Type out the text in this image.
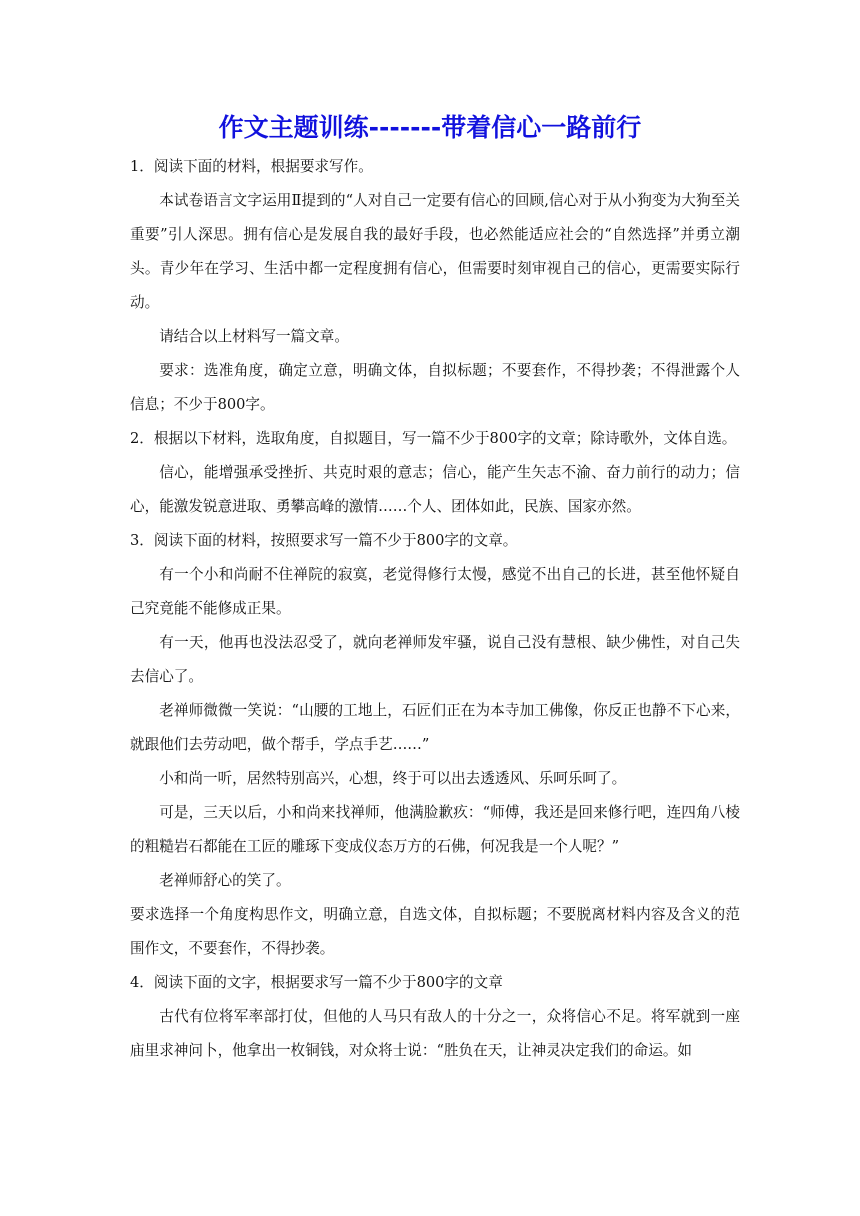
作文主题训练-------带着信心一路前行

1．阅读下面的材料，根据要求写作。

本试卷语言文字运用Ⅱ提到的“人对自己一定要有信心的回顾,信心对于从小狗变为大狗至关重要”引人深思。拥有信心是发展自我的最好手段，也必然能适应社会的“自然选择”并勇立潮头。青少年在学习、生活中都一定程度拥有信心，但需要时刻审视自己的信心，更需要实际行动。

请结合以上材料写一篇文章。

要求：选准角度，确定立意，明确文体，自拟标题；不要套作，不得抄袭；不得泄露个人信息；不少于800字。

2．根据以下材料，选取角度，自拟题目，写一篇不少于800字的文章；除诗歌外，文体自选。

信心，能增强承受挫折、共克时艰的意志；信心，能产生矢志不渝、奋力前行的动力；信心，能激发锐意进取、勇攀高峰的激情……个人、团体如此，民族、国家亦然。

3．阅读下面的材料，按照要求写一篇不少于800字的文章。

有一个小和尚耐不住禅院的寂寞，老觉得修行太慢，感觉不出自己的长进，甚至他怀疑自己究竟能不能修成正果。

有一天，他再也没法忍受了，就向老禅师发牢骚，说自己没有慧根、缺少佛性，对自己失去信心了。

老禅师微微一笑说：“山腰的工地上，石匠们正在为本寺加工佛像，你反正也静不下心来，就跟他们去劳动吧，做个帮手，学点手艺……”

小和尚一听，居然特别高兴，心想，终于可以出去透透风、乐呵乐呵了。

可是，三天以后，小和尚来找禅师，他满脸歉疚：“师傅，我还是回来修行吧，连四角八棱的粗糙岩石都能在工匠的雕琢下变成仪态万方的石佛，何况我是一个人呢？”

老禅师舒心的笑了。

要求选择一个角度构思作文，明确立意，自选文体，自拟标题；不要脱离材料内容及含义的范围作文，不要套作，不得抄袭。

4．阅读下面的文字，根据要求写一篇不少于800字的文章

古代有位将军率部打仗，但他的人马只有敌人的十分之一，众将信心不足。将军就到一座庙里求神问卜，他拿出一枚铜钱，对众将士说：“胜负在天，让神灵决定我们的命运。如
